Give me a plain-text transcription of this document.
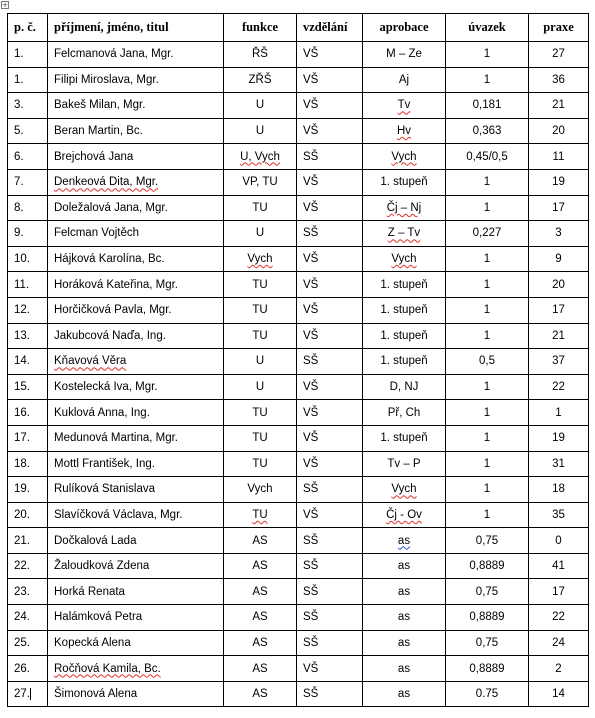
+
p. č.	příjmení, jméno, titul	funkce	vzdělání	aprobace	úvazek	praxe
1.	Felcmanová Jana, Mgr.	ŘŠ	VŠ	M – Ze	1	27
1.	Filipi Miroslava, Mgr.	ZŘŠ	VŠ	Aj	1	36
3.	Bakeš Milan, Mgr.	U	VŠ	Tv	0,181	21
5.	Beran Martin, Bc.	U	VŠ	Hv	0,363	20
6.	Brejchová Jana	U, Vych	SŠ	Vych	0,45/0,5	11
7.	Denkeová Dita, Mgr.	VP, TU	VŠ	1. stupeň	1	19
8.	Doležalová Jana, Mgr.	TU	VŠ	Čj – Nj	1	17
9.	Felcman Vojtěch	U	SŠ	Z – Tv	0,227	3
10.	Hájková Karolína, Bc.	Vych	VŠ	Vych	1	9
11.	Horáková Kateřina, Mgr.	TU	VŠ	1. stupeň	1	20
12.	Horčičková Pavla, Mgr.	TU	VŠ	1. stupeň	1	17
13.	Jakubcová Naďa, Ing.	TU	VŠ	1. stupeň	1	21
14.	Kňavová Věra	U	SŠ	1. stupeň	0,5	37
15.	Kostelecká Iva, Mgr.	U	VŠ	D, NJ	1	22
16.	Kuklová Anna, Ing.	TU	VŠ	Př, Ch	1	1
17.	Medunová Martina, Mgr.	TU	VŠ	1. stupeň	1	19
18.	Mottl František, Ing.	TU	VŠ	Tv – P	1	31
19.	Rulíková Stanislava	Vych	SŠ	Vych	1	18
20.	Slavíčková Václava, Mgr.	TU	VŠ	Čj - Ov	1	35
21.	Dočkalová Lada	AS	SŠ	as	0,75	0
22.	Žaloudková Zdena	AS	SŠ	as	0,8889	41
23.	Horká Renata	AS	SŠ	as	0,75	17
24.	Halámková Petra	AS	SŠ	as	0,8889	22
25.	Kopecká Alena	AS	SŠ	as	0,75	24
26.	Ročňová Kamila, Bc.	AS	VŠ	as	0,8889	2
27.	Šimonová Alena	AS	SŠ	as	0.75	14
